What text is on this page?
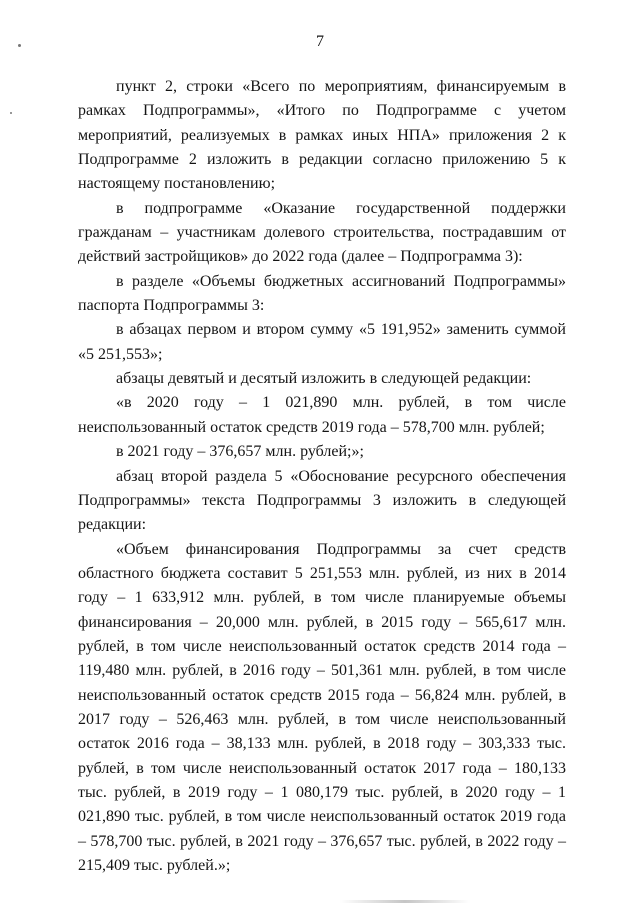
7

пункт 2, строки «Всего по мероприятиям, финансируемым в рамках Подпрограммы», «Итого по Подпрограмме с учетом мероприятий, реализуемых в рамках иных НПА» приложения 2 к Подпрограмме 2 изложить в редакции согласно приложению 5 к настоящему постановлению;

в подпрограмме «Оказание государственной поддержки гражданам – участникам долевого строительства, пострадавшим от действий застройщиков» до 2022 года (далее – Подпрограмма 3):

в разделе «Объемы бюджетных ассигнований Подпрограммы» паспорта Подпрограммы 3:

в абзацах первом и втором сумму «5 191,952» заменить суммой «5 251,553»;

абзацы девятый и десятый изложить в следующей редакции:

«в 2020 году – 1 021,890 млн. рублей, в том числе неиспользованный остаток средств 2019 года – 578,700 млн. рублей;

в 2021 году – 376,657 млн. рублей;»;

абзац второй раздела 5 «Обоснование ресурсного обеспечения Подпрограммы» текста Подпрограммы 3 изложить в следующей редакции:

«Объем финансирования Подпрограммы за счет средств областного бюджета составит 5 251,553 млн. рублей, из них в 2014 году – 1 633,912 млн. рублей, в том числе планируемые объемы финансирования – 20,000 млн. рублей, в 2015 году – 565,617 млн. рублей, в том числе неиспользованный остаток средств 2014 года – 119,480 млн. рублей, в 2016 году – 501,361 млн. рублей, в том числе неиспользованный остаток средств 2015 года – 56,824 млн. рублей, в 2017 году – 526,463 млн. рублей, в том числе неиспользованный остаток 2016 года – 38,133 млн. рублей, в 2018 году – 303,333 тыс. рублей, в том числе неиспользованный остаток 2017 года – 180,133 тыс. рублей, в 2019 году – 1 080,179 тыс. рублей, в 2020 году – 1 021,890 тыс. рублей, в том числе неиспользованный остаток 2019 года – 578,700 тыс. рублей, в 2021 году – 376,657 тыс. рублей, в 2022 году – 215,409 тыс. рублей.»;
